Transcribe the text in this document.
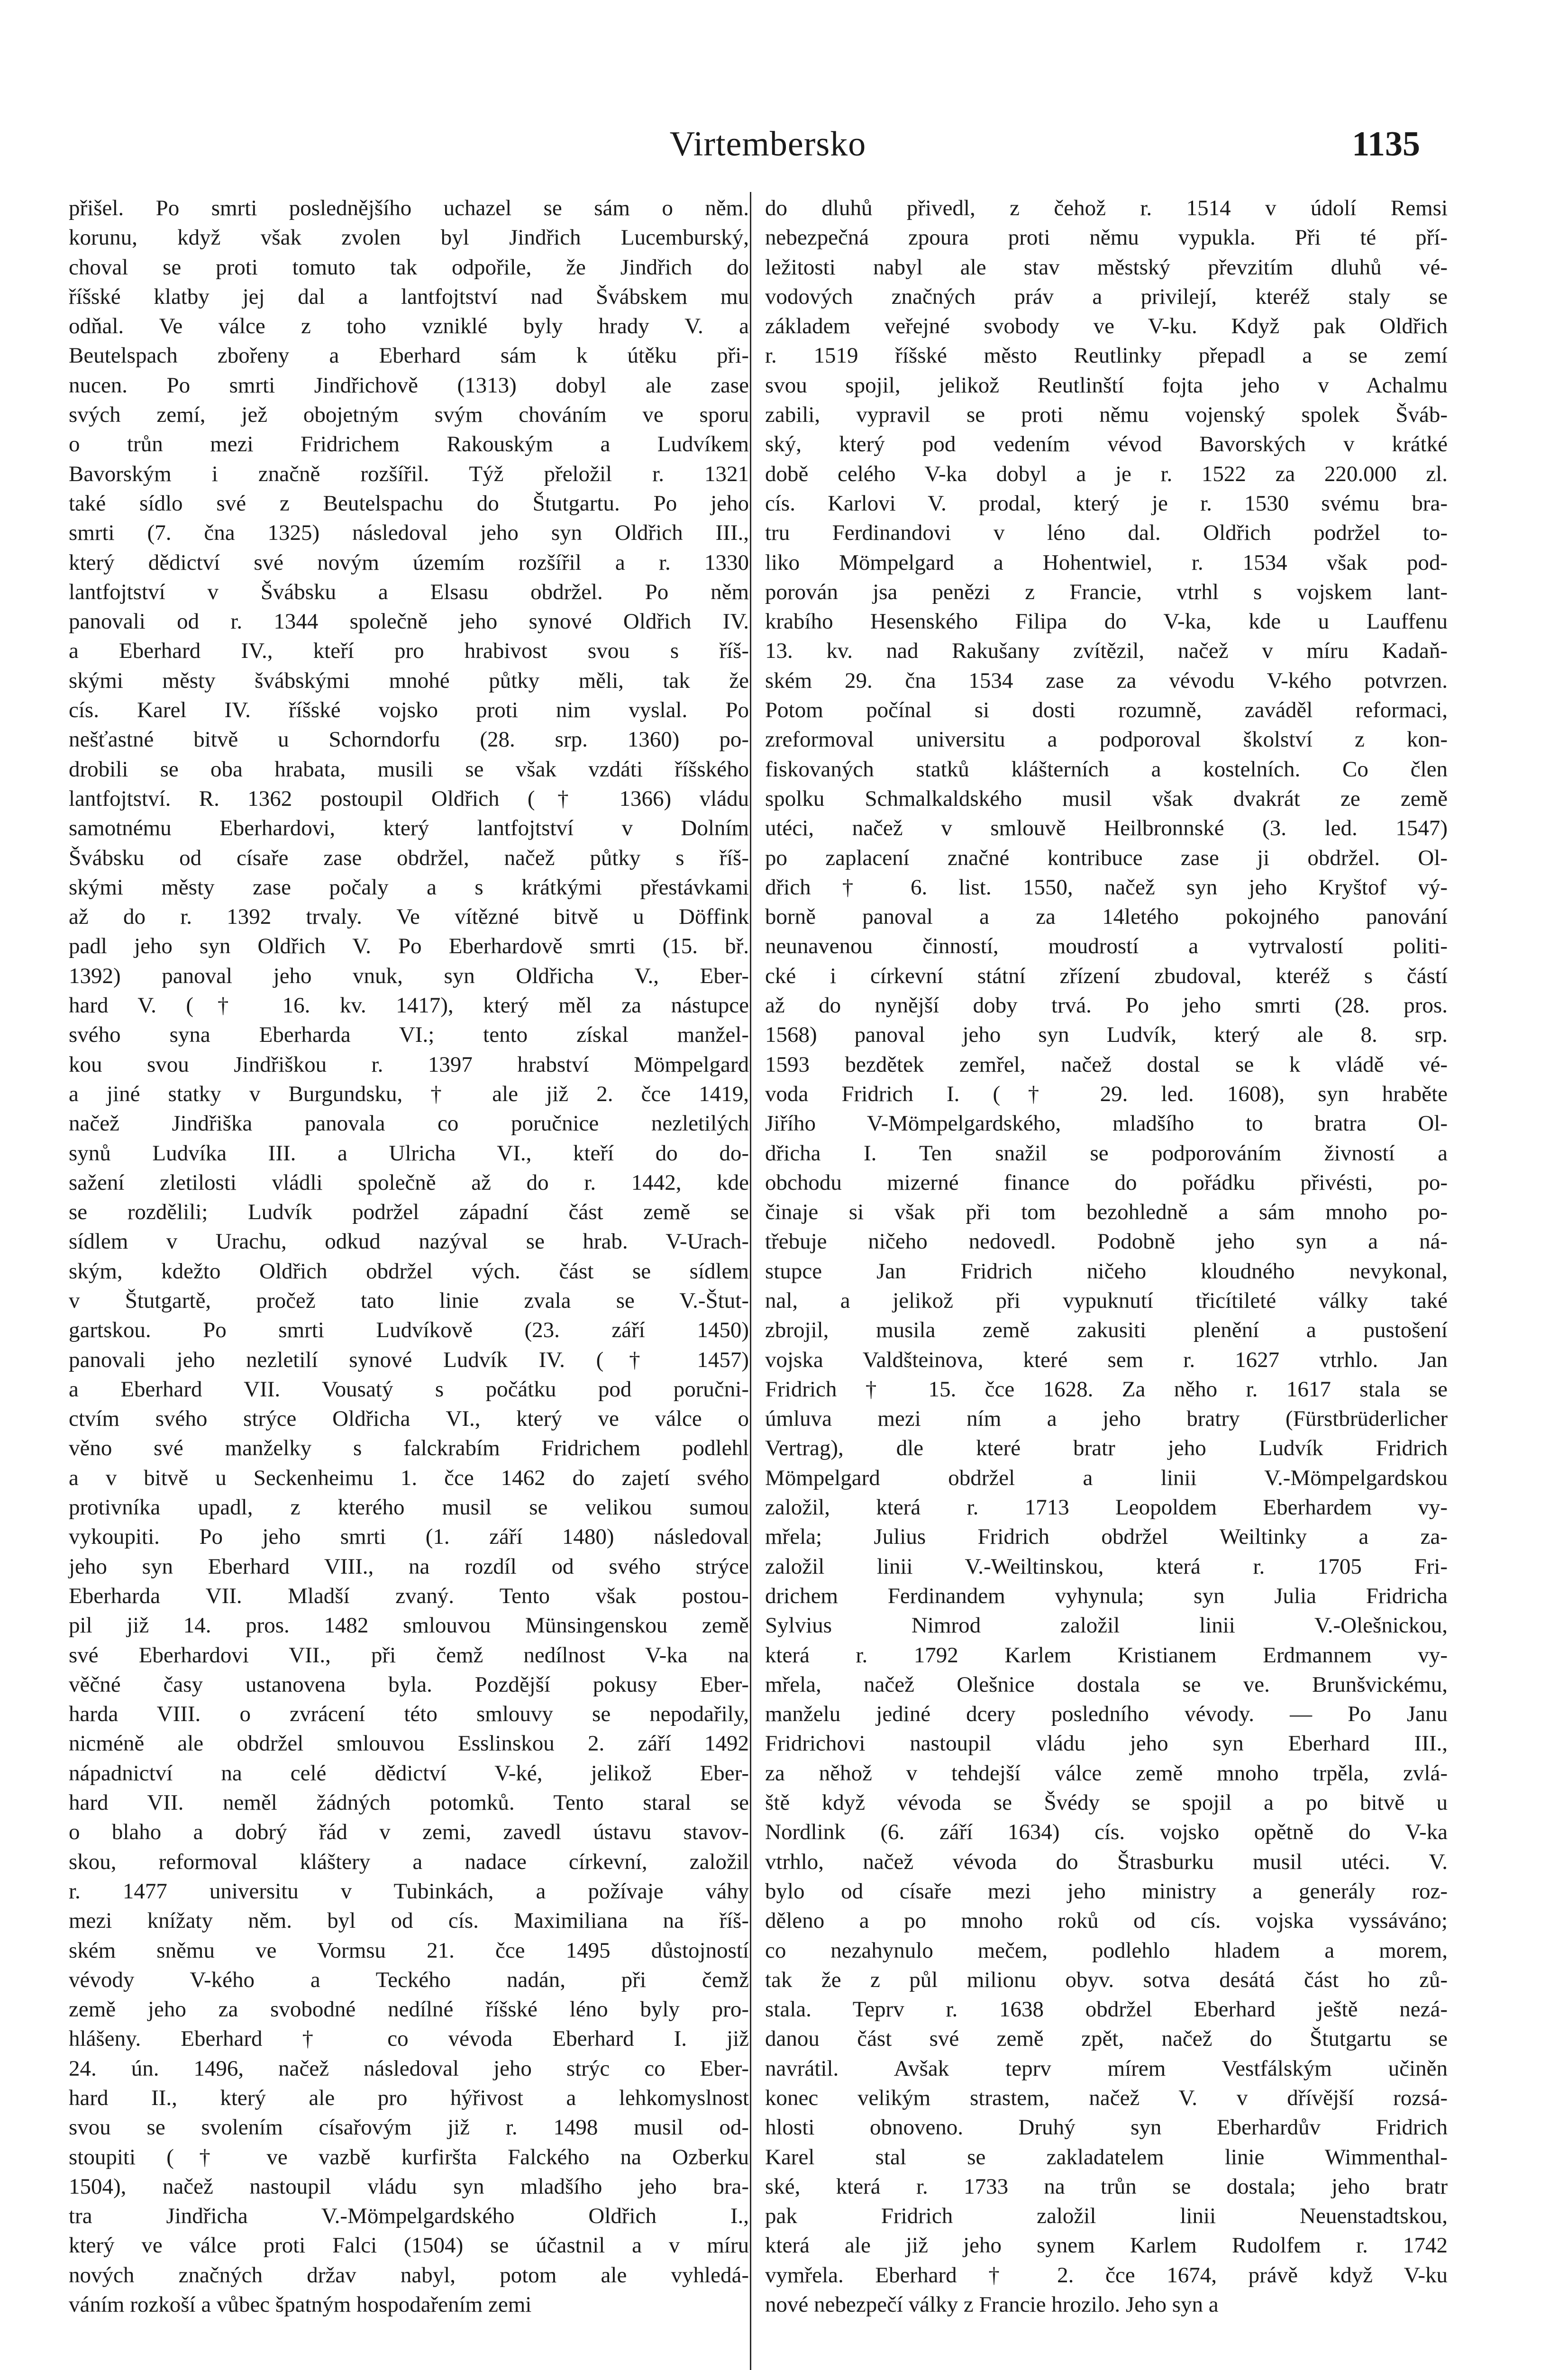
Virtembersko	1135
přišel. Po smrti poslednějšího uchazel se sám o něm.
korunu, když však zvolen byl Jindřich Lucemburský,
choval se proti tomuto tak odpořile, že Jindřich do
říšské klatby jej dal a lantfojtství nad Švábskem mu
odňal. Ve válce z toho vzniklé byly hrady V. a
Beutelspach zbořeny a Eberhard sám k útěku při-
nucen. Po smrti Jindřichově (1313) dobyl ale zase
svých zemí, jež obojetným svým chováním ve sporu
o trůn mezi Fridrichem Rakouským a Ludvíkem
Bavorským i značně rozšířil. Týž přeložil r. 1321
také sídlo své z Beutelspachu do Štutgartu. Po jeho
smrti (7. čna 1325) následoval jeho syn Oldřich III.,
který dědictví své novým územím rozšířil a r. 1330
lantfojtství v Švábsku a Elsasu obdržel. Po něm
panovali od r. 1344 společně jeho synové Oldřich IV.
a Eberhard IV., kteří pro hrabivost svou s říš-
skými městy švábskými mnohé půtky měli, tak že
cís. Karel IV. říšské vojsko proti nim vyslal. Po
nešťastné bitvě u Schorndorfu (28. srp. 1360) po-
drobili se oba hrabata, musili se však vzdáti říšského
lantfojtství. R. 1362 postoupil Oldřich († 1366) vládu
samotnému Eberhardovi, který lantfojtství v Dolním
Švábsku od císaře zase obdržel, načež půtky s říš-
skými městy zase počaly a s krátkými přestávkami
až do r. 1392 trvaly. Ve vítězné bitvě u Döffink
padl jeho syn Oldřich V. Po Eberhardově smrti (15. bř.
1392) panoval jeho vnuk, syn Oldřicha V., Eber-
hard V. († 16. kv. 1417), který měl za nástupce
svého syna Eberharda VI.; tento získal manžel-
kou svou Jindřiškou r. 1397 hrabství Mömpelgard
a jiné statky v Burgundsku, † ale již 2. čce 1419,
načež Jindřiška panovala co poručnice nezletilých
synů Ludvíka III. a Ulricha VI., kteří do do-
sažení zletilosti vládli společně až do r. 1442, kde
se rozdělili; Ludvík podržel západní část země se
sídlem v Urachu, odkud nazýval se hrab. V-Urach-
ským, kdežto Oldřich obdržel vých. část se sídlem
v Štutgartě, pročež tato linie zvala se V.-Štut-
gartskou. Po smrti Ludvíkově (23. září 1450)
panovali jeho nezletilí synové Ludvík IV. († 1457)
a Eberhard VII. Vousatý s počátku pod poručni-
ctvím svého strýce Oldřicha VI., který ve válce o
věno své manželky s falckrabím Fridrichem podlehl
a v bitvě u Seckenheimu 1. čce 1462 do zajetí svého
protivníka upadl, z kterého musil se velikou sumou
vykoupiti. Po jeho smrti (1. září 1480) následoval
jeho syn Eberhard VIII., na rozdíl od svého strýce
Eberharda VII. Mladší zvaný. Tento však postou-
pil již 14. pros. 1482 smlouvou Münsingenskou země
své Eberhardovi VII., při čemž nedílnost V-ka na
věčné časy ustanovena byla. Pozdější pokusy Eber-
harda VIII. o zvrácení této smlouvy se nepodařily,
nicméně ale obdržel smlouvou Esslinskou 2. září 1492
nápadnictví na celé dědictví V-ké, jelikož Eber-
hard VII. neměl žádných potomků. Tento staral se
o blaho a dobrý řád v zemi, zavedl ústavu stavov-
skou, reformoval kláštery a nadace církevní, založil
r. 1477 universitu v Tubinkách, a požívaje váhy
mezi knížaty něm. byl od cís. Maximiliana na říš-
ském sněmu ve Vormsu 21. čce 1495 důstojností
vévody V-kého a Teckého nadán, při čemž
země jeho za svobodné nedílné říšské léno byly pro-
hlášeny. Eberhard † co vévoda Eberhard I. již
24. ún. 1496, načež následoval jeho strýc co Eber-
hard II., který ale pro hýřivost a lehkomyslnost
svou se svolením císařovým již r. 1498 musil od-
stoupiti († ve vazbě kurfiršta Falckého na Ozberku
1504), načež nastoupil vládu syn mladšího jeho bra-
tra Jindřicha V.-Mömpelgardského Oldřich I.,
který ve válce proti Falci (1504) se účastnil a v míru
nových značných držav nabyl, potom ale vyhledá-
váním rozkoší a vůbec špatným hospodařením zemi
do dluhů přivedl, z čehož r. 1514 v údolí Remsi
nebezpečná zpoura proti němu vypukla. Při té pří-
ležitosti nabyl ale stav městský převzitím dluhů vé-
vodových značných práv a privilejí, kteréž staly se
základem veřejné svobody ve V-ku. Když pak Oldřich
r. 1519 říšské město Reutlinky přepadl a se zemí
svou spojil, jelikož Reutlinští fojta jeho v Achalmu
zabili, vypravil se proti němu vojenský spolek Šváb-
ský, který pod vedením vévod Bavorských v krátké
době celého V-ka dobyl a je r. 1522 za 220.000 zl.
cís. Karlovi V. prodal, který je r. 1530 svému bra-
tru Ferdinandovi v léno dal. Oldřich podržel to-
liko Mömpelgard a Hohentwiel, r. 1534 však pod-
porován jsa penězi z Francie, vtrhl s vojskem lant-
krabího Hesenského Filipa do V-ka, kde u Lauffenu
13. kv. nad Rakušany zvítězil, načež v míru Kadaň-
ském 29. čna 1534 zase za vévodu V-kého potvrzen.
Potom počínal si dosti rozumně, zaváděl reformaci,
zreformoval universitu a podporoval školství z kon-
fiskovaných statků klášterních a kostelních. Co člen
spolku Schmalkaldského musil však dvakrát ze země
utéci, načež v smlouvě Heilbronnské (3. led. 1547)
po zaplacení značné kontribuce zase ji obdržel. Ol-
dřich † 6. list. 1550, načež syn jeho Kryštof vý-
borně panoval a za 14letého pokojného panování
neunavenou činností, moudrostí a vytrvalostí politi-
cké i církevní státní zřízení zbudoval, kteréž s částí
až do nynější doby trvá. Po jeho smrti (28. pros.
1568) panoval jeho syn Ludvík, který ale 8. srp.
1593 bezdětek zemřel, načež dostal se k vládě vé-
voda Fridrich I. († 29. led. 1608), syn hraběte
Jiřího V-Mömpelgardského, mladšího to bratra Ol-
dřicha I. Ten snažil se podporováním živností a
obchodu mizerné finance do pořádku přivésti, po-
činaje si však při tom bezohledně a sám mnoho po-
třebuje ničeho nedovedl. Podobně jeho syn a ná-
stupce Jan Fridrich ničeho kloudného nevykonal,
nal, a jelikož při vypuknutí třicítileté války také
zbrojil, musila země zakusiti plenění a pustošení
vojska Valdšteinova, které sem r. 1627 vtrhlo. Jan
Fridrich † 15. čce 1628. Za něho r. 1617 stala se
úmluva mezi ním a jeho bratry (Fürstbrüderlicher
Vertrag), dle které bratr jeho Ludvík Fridrich
Mömpelgard obdržel a linii V.-Mömpelgardskou
založil, která r. 1713 Leopoldem Eberhardem vy-
mřela; Julius Fridrich obdržel Weiltinky a za-
založil linii V.-Weiltinskou, která r. 1705 Fri-
drichem Ferdinandem vyhynula; syn Julia Fridricha
Sylvius Nimrod založil linii V.-Olešnickou,
která r. 1792 Karlem Kristianem Erdmannem vy-
mřela, načež Olešnice dostala se ve. Brunšvickému,
manželu jediné dcery posledního vévody. — Po Janu
Fridrichovi nastoupil vládu jeho syn Eberhard III.,
za něhož v tehdejší válce země mnoho trpěla, zvlá-
ště když vévoda se Švédy se spojil a po bitvě u
Nordlink (6. září 1634) cís. vojsko opětně do V-ka
vtrhlo, načež vévoda do Štrasburku musil utéci. V.
bylo od císaře mezi jeho ministry a generály roz-
děleno a po mnoho roků od cís. vojska vyssáváno;
co nezahynulo mečem, podlehlo hladem a morem,
tak že z půl milionu obyv. sotva desátá část ho zů-
stala. Teprv r. 1638 obdržel Eberhard ještě nezá-
danou část své země zpět, načež do Štutgartu se
navrátil. Avšak teprv mírem Vestfálským učiněn
konec velikým strastem, načež V. v dřívější rozsá-
hlosti obnoveno. Druhý syn Eberhardův Fridrich
Karel stal se zakladatelem linie Wimmenthal-
ské, která r. 1733 na trůn se dostala; jeho bratr
pak Fridrich založil linii Neuenstadtskou,
která ale již jeho synem Karlem Rudolfem r. 1742
vymřela. Eberhard † 2. čce 1674, právě když V-ku
nové nebezpečí války z Francie hrozilo. Jeho syn a
